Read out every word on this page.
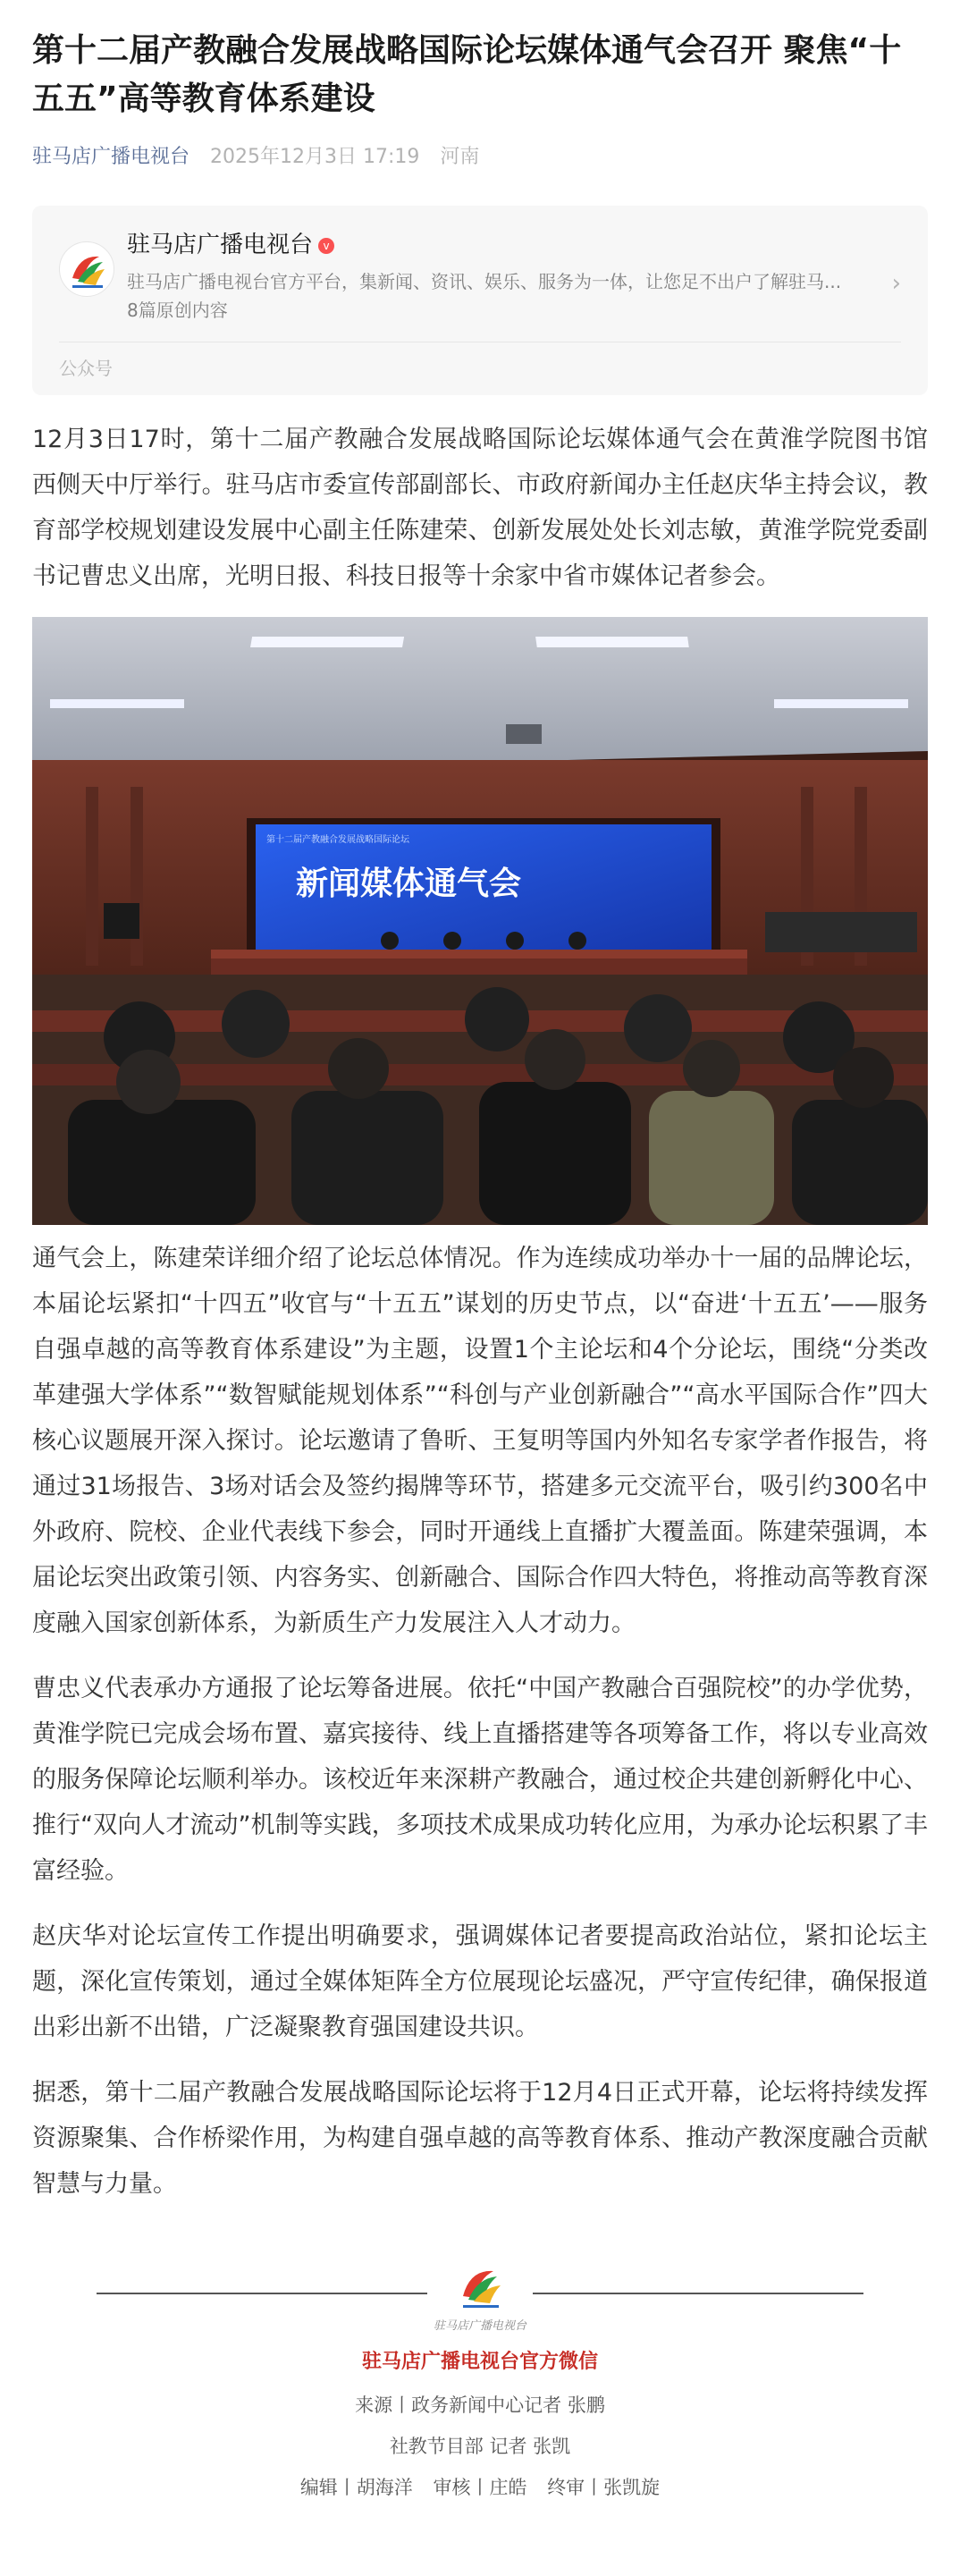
第十二届产教融合发展战略国际论坛媒体通气会召开 聚焦“十五五”高等教育体系建设
驻马店广播电视台 2025年12月3日 17:19 河南
驻马店广播电视台 v
驻马店广播电视台官方平台，集新闻、资讯、娱乐、服务为一体，让您足不出户了解驻马...
8篇原创内容
›
公众号

12月3日17时，第十二届产教融合发展战略国际论坛媒体通气会在黄淮学院图书馆西侧天中厅举行。驻马店市委宣传部副部长、市政府新闻办主任赵庆华主持会议，教育部学校规划建设发展中心副主任陈建荣、创新发展处处长刘志敏，黄淮学院党委副书记曹忠义出席，光明日报、科技日报等十余家中省市媒体记者参会。

第十二届产教融合发展战略国际论坛
新闻媒体通气会

通气会上，陈建荣详细介绍了论坛总体情况。作为连续成功举办十一届的品牌论坛，本届论坛紧扣“十四五”收官与“十五五”谋划的历史节点，以“奋进‘十五五’——服务自强卓越的高等教育体系建设”为主题，设置1个主论坛和4个分论坛，围绕“分类改革建强大学体系”“数智赋能规划体系”“科创与产业创新融合”“高水平国际合作”四大核心议题展开深入探讨。论坛邀请了鲁昕、王复明等国内外知名专家学者作报告，将通过31场报告、3场对话会及签约揭牌等环节，搭建多元交流平台，吸引约300名中外政府、院校、企业代表线下参会，同时开通线上直播扩大覆盖面。陈建荣强调，本届论坛突出政策引领、内容务实、创新融合、国际合作四大特色，将推动高等教育深度融入国家创新体系，为新质生产力发展注入人才动力。

曹忠义代表承办方通报了论坛筹备进展。依托“中国产教融合百强院校”的办学优势，黄淮学院已完成会场布置、嘉宾接待、线上直播搭建等各项筹备工作，将以专业高效的服务保障论坛顺利举办。该校近年来深耕产教融合，通过校企共建创新孵化中心、推行“双向人才流动”机制等实践，多项技术成果成功转化应用，为承办论坛积累了丰富经验。

赵庆华对论坛宣传工作提出明确要求，强调媒体记者要提高政治站位，紧扣论坛主题，深化宣传策划，通过全媒体矩阵全方位展现论坛盛况，严守宣传纪律，确保报道出彩出新不出错，广泛凝聚教育强国建设共识。

据悉，第十二届产教融合发展战略国际论坛将于12月4日正式开幕，论坛将持续发挥资源聚集、合作桥梁作用，为构建自强卓越的高等教育体系、推动产教深度融合贡献智慧与力量。

驻马店广播电视台
驻马店广播电视台官方微信
来源丨政务新闻中心记者 张鹏
社教节目部 记者 张凯
编辑丨胡海洋 审核丨庄皓 终审丨张凯旋
